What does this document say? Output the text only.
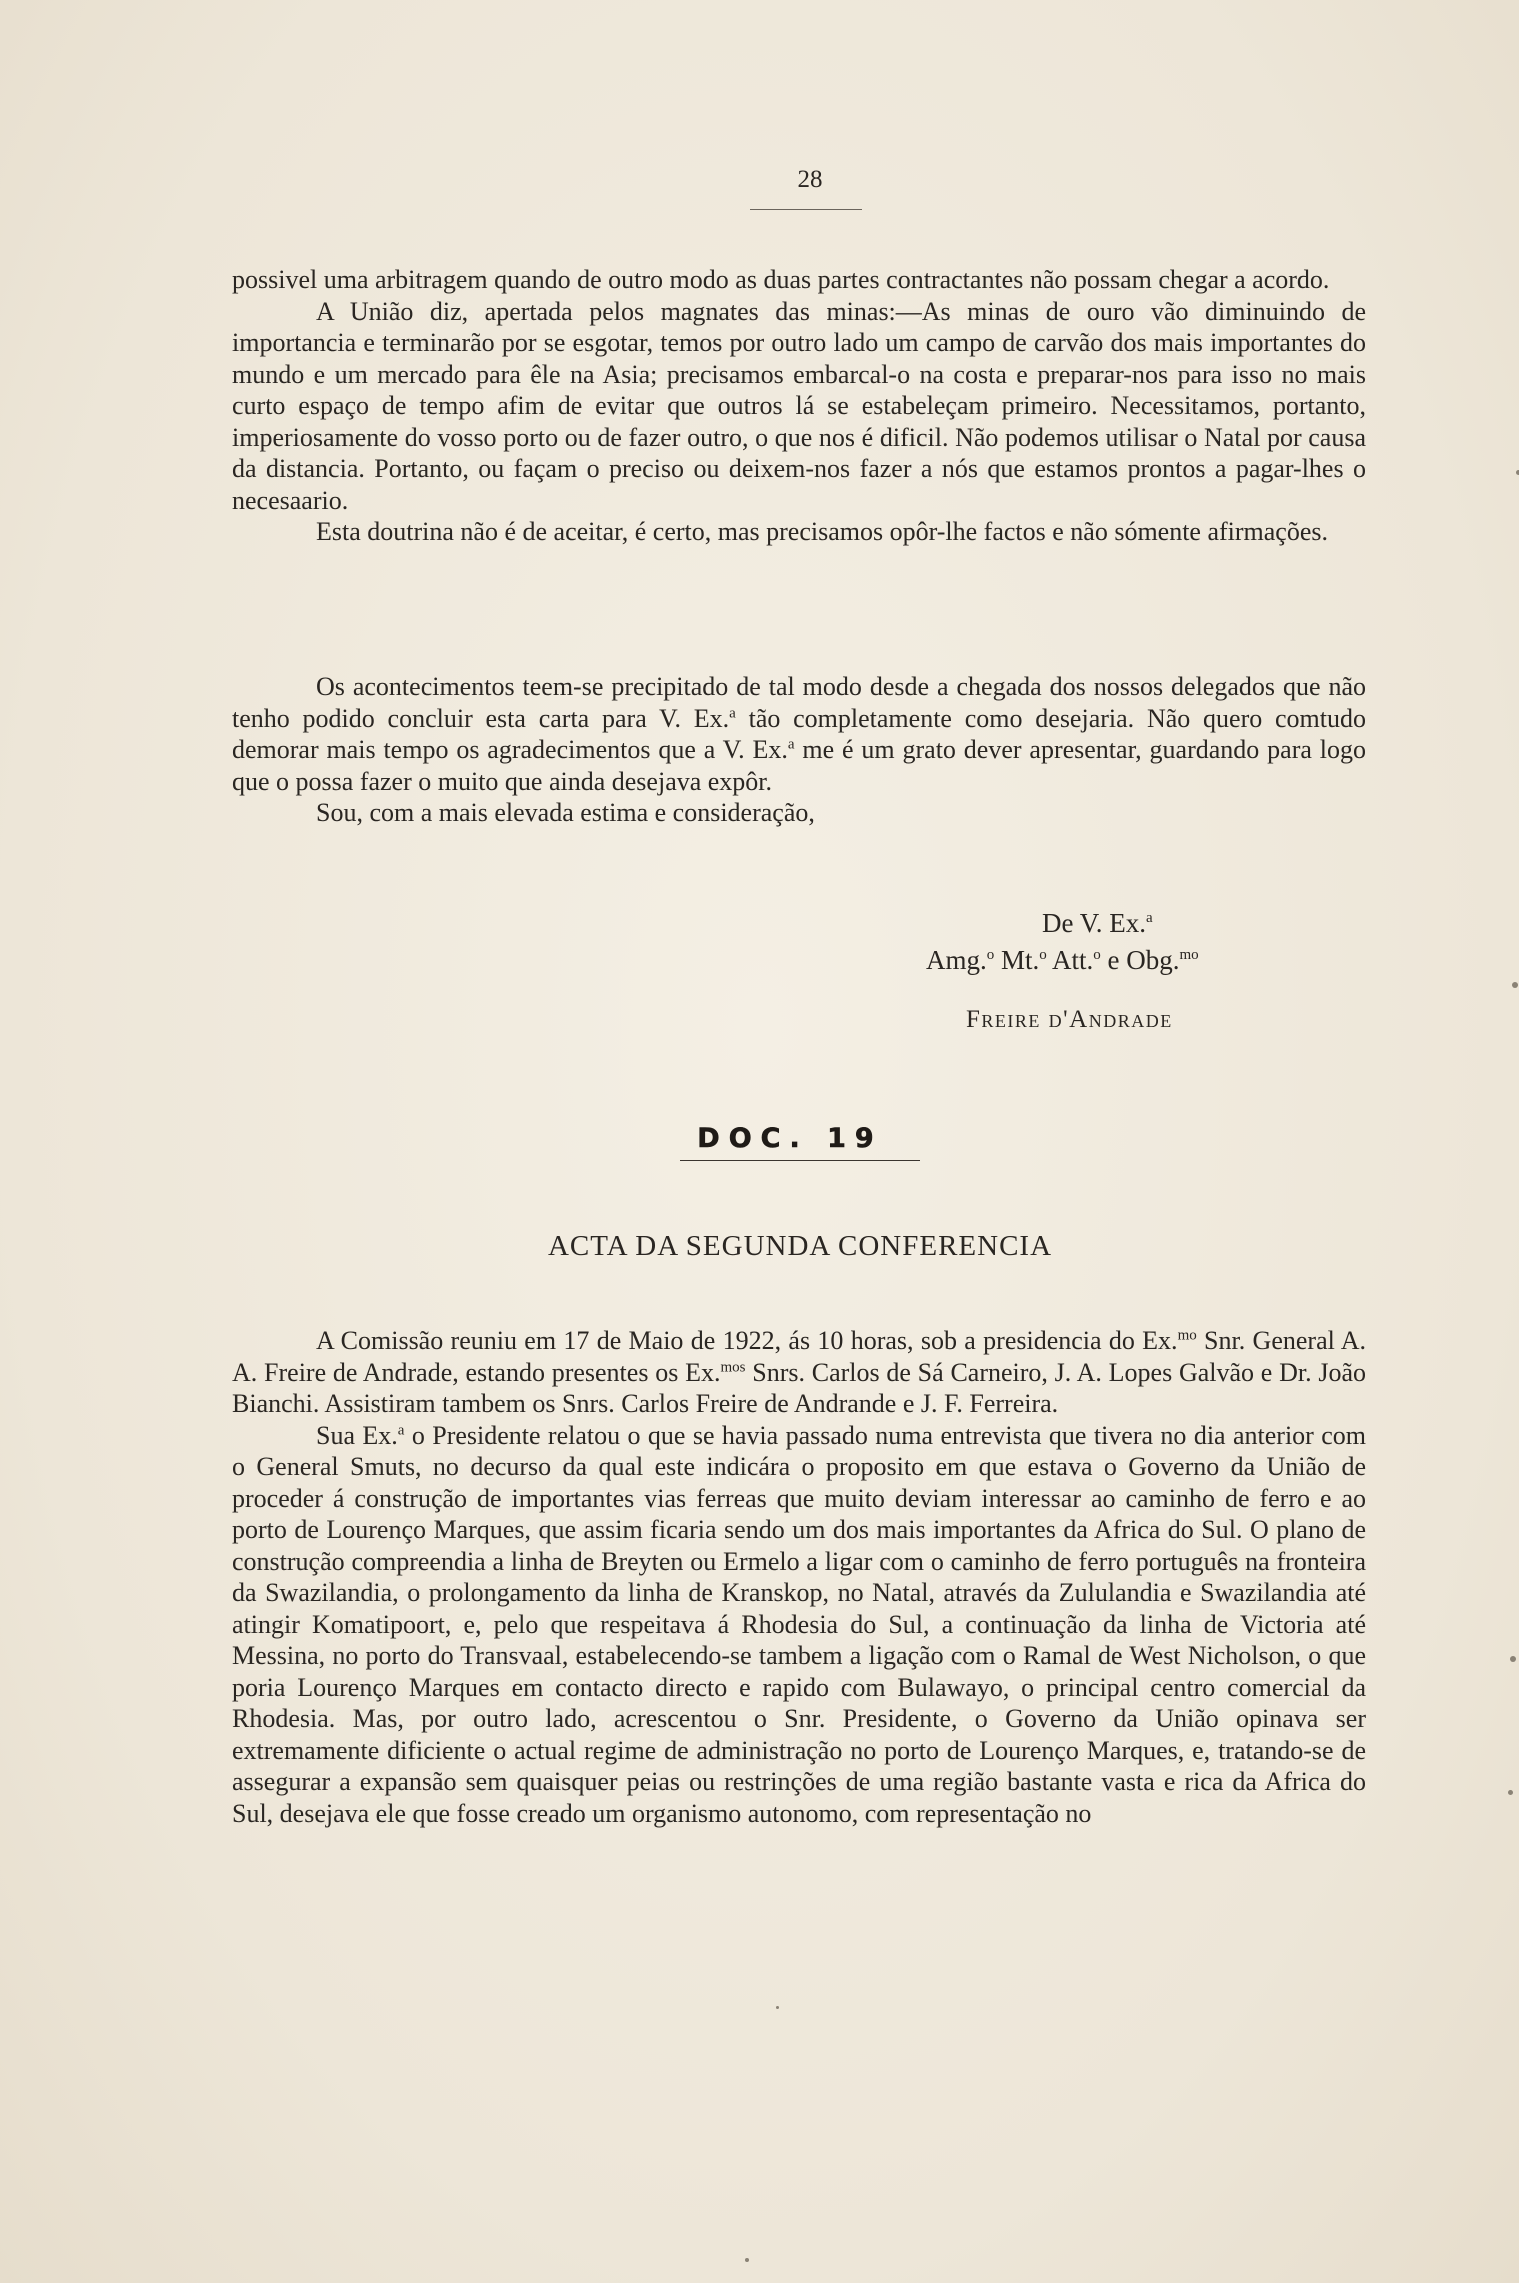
28

possivel uma arbitragem quando de outro modo as duas partes contractantes não possam chegar a acordo.

A União diz, apertada pelos magnates das minas:—As minas de ouro vão diminuindo de importancia e terminarão por se esgotar, temos por outro lado um campo de carvão dos mais importantes do mundo e um mercado para êle na Asia; precisamos embarcal-o na costa e preparar-nos para isso no mais curto espaço de tempo afim de evitar que outros lá se estabeleçam primeiro. Necessitamos, portanto, imperiosamente do vosso porto ou de fazer outro, o que nos é dificil. Não podemos utilisar o Natal por causa da distancia. Portanto, ou façam o preciso ou deixem-nos fazer a nós que estamos prontos a pagar-lhes o necesaario.

Esta doutrina não é de aceitar, é certo, mas precisamos opôr-lhe factos e não sómente afirmações.

Os acontecimentos teem-se precipitado de tal modo desde a chegada dos nossos delegados que não tenho podido concluir esta carta para V. Ex.$^a$ tão completamente como desejaria. Não quero comtudo demorar mais tempo os agradecimentos que a V. Ex.$^a$ me é um grato dever apresentar, guardando para logo que o possa fazer o muito que ainda desejava expôr.

Sou, com a mais elevada estima e consideração,

De V. Ex.$^a$
Amg.$^o$ Mt.$^o$ Att.$^o$ e Obg.$^{mo}$
Freire d'Andrade
DOC. 19
ACTA DA SEGUNDA CONFERENCIA

A Comissão reuniu em 17 de Maio de 1922, ás 10 horas, sob a presidencia do Ex.$^{mo}$ Snr. General A. A. Freire de Andrade, estando presentes os Ex.$^{mos}$ Snrs. Carlos de Sá Carneiro, J. A. Lopes Galvão e Dr. João Bianchi. Assistiram tambem os Snrs. Carlos Freire de Andrande e J. F. Ferreira.

Sua Ex.$^a$ o Presidente relatou o que se havia passado numa entrevista que tivera no dia anterior com o General Smuts, no decurso da qual este indicára o proposito em que estava o Governo da União de proceder á construção de importantes vias ferreas que muito deviam interessar ao caminho de ferro e ao porto de Lourenço Marques, que assim ficaria sendo um dos mais importantes da Africa do Sul. O plano de construção compreendia a linha de Breyten ou Ermelo a ligar com o caminho de ferro português na fronteira da Swazilandia, o prolongamento da linha de Kranskop, no Natal, através da Zululandia e Swazilandia até atingir Komatipoort, e, pelo que respeitava á Rhodesia do Sul, a continuação da linha de Victoria até Messina, no porto do Transvaal, estabelecendo-se tambem a ligação com o Ramal de West Nicholson, o que poria Lourenço Marques em contacto directo e rapido com Bulawayo, o principal centro comercial da Rhodesia. Mas, por outro lado, acrescentou o Snr. Presidente, o Governo da União opinava ser extremamente dificiente o actual regime de administração no porto de Lourenço Marques, e, tratando-se de assegurar a expansão sem quaisquer peias ou restrinções de uma região bastante vasta e rica da Africa do Sul, desejava ele que fosse creado um organismo autonomo, com representação no
